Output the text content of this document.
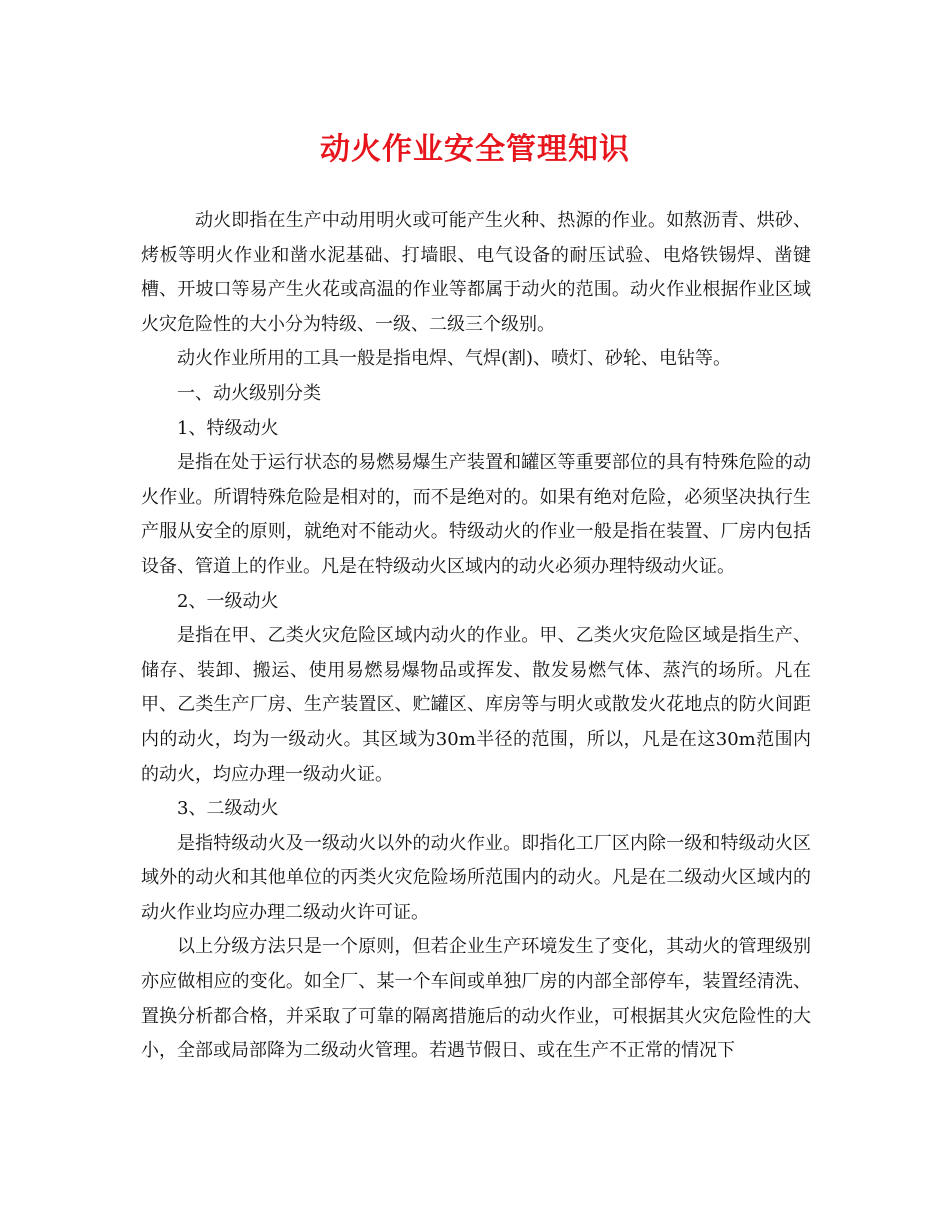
动火作业安全管理知识

动火即指在生产中动用明火或可能产生火种、热源的作业。如熬沥青、烘砂、烤板等明火作业和凿水泥基础、打墙眼、电气设备的耐压试验、电烙铁锡焊、凿键槽、开坡口等易产生火花或高温的作业等都属于动火的范围。动火作业根据作业区域火灾危险性的大小分为特级、一级、二级三个级别。

动火作业所用的工具一般是指电焊、气焊(割)、喷灯、砂轮、电钻等。

一、动火级别分类

1、特级动火

是指在处于运行状态的易燃易爆生产装置和罐区等重要部位的具有特殊危险的动火作业。所谓特殊危险是相对的，而不是绝对的。如果有绝对危险，必须坚决执行生产服从安全的原则，就绝对不能动火。特级动火的作业一般是指在装置、厂房内包括设备、管道上的作业。凡是在特级动火区域内的动火必须办理特级动火证。

2、一级动火

是指在甲、乙类火灾危险区域内动火的作业。甲、乙类火灾危险区域是指生产、储存、装卸、搬运、使用易燃易爆物品或挥发、散发易燃气体、蒸汽的场所。凡在甲、乙类生产厂房、生产装置区、贮罐区、库房等与明火或散发火花地点的防火间距内的动火，均为一级动火。其区域为30m半径的范围，所以，凡是在这30m范围内的动火，均应办理一级动火证。

3、二级动火

是指特级动火及一级动火以外的动火作业。即指化工厂区内除一级和特级动火区域外的动火和其他单位的丙类火灾危险场所范围内的动火。凡是在二级动火区域内的动火作业均应办理二级动火许可证。

以上分级方法只是一个原则，但若企业生产环境发生了变化，其动火的管理级别亦应做相应的变化。如全厂、某一个车间或单独厂房的内部全部停车，装置经清洗、置换分析都合格，并采取了可靠的隔离措施后的动火作业，可根据其火灾危险性的大小，全部或局部降为二级动火管理。若遇节假日、或在生产不正常的情况下
